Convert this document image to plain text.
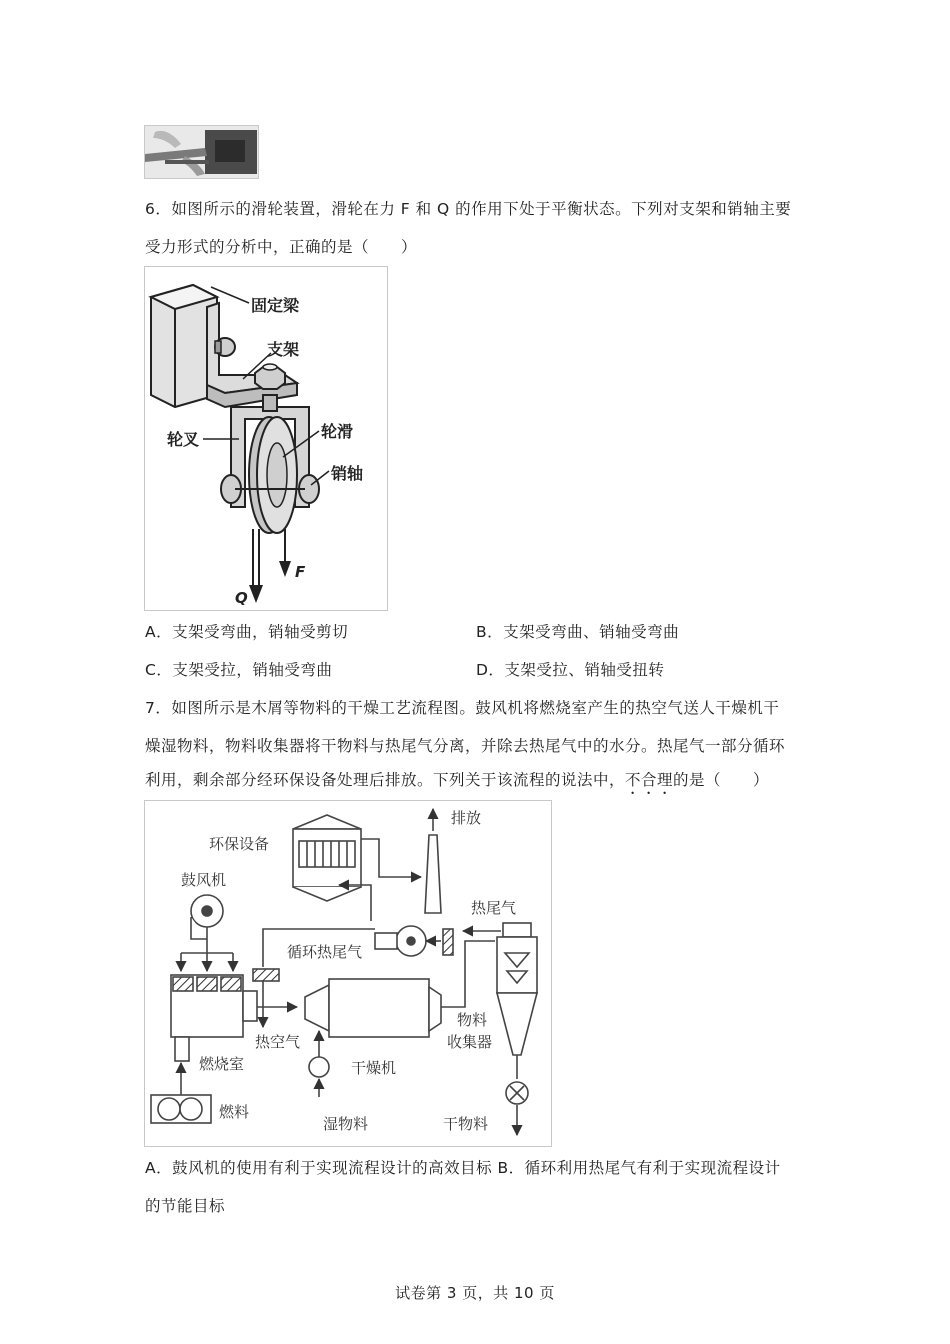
6．如图所示的滑轮装置，滑轮在力 F 和 Q 的作用下处于平衡状态。下列对支架和销轴主要
受力形式的分析中，正确的是（　　）
固定梁
支架
轮叉	轮滑
销轴
Q
F
A．支架受弯曲，销轴受剪切	B．支架受弯曲、销轴受弯曲
C．支架受拉，销轴受弯曲	D．支架受拉、销轴受扭转
7．如图所示是木屑等物料的干燥工艺流程图。鼓风机将燃烧室产生的热空气送人干燥机干
燥湿物料，物料收集器将干物料与热尾气分离，并除去热尾气中的水分。热尾气一部分循环
利用，剩余部分经环保设备处理后排放。下列关于该流程的说法中，不合理的是（　　）
排放
环保设备
鼓风机
热尾气
循环热尾气
热空气
燃烧室	干燥机
物料
收集器
燃料
湿物料	干物料
A．鼓风机的使用有利于实现流程设计的高效目标 B．循环利用热尾气有利于实现流程设计
的节能目标
试卷第 3 页，共 10 页
